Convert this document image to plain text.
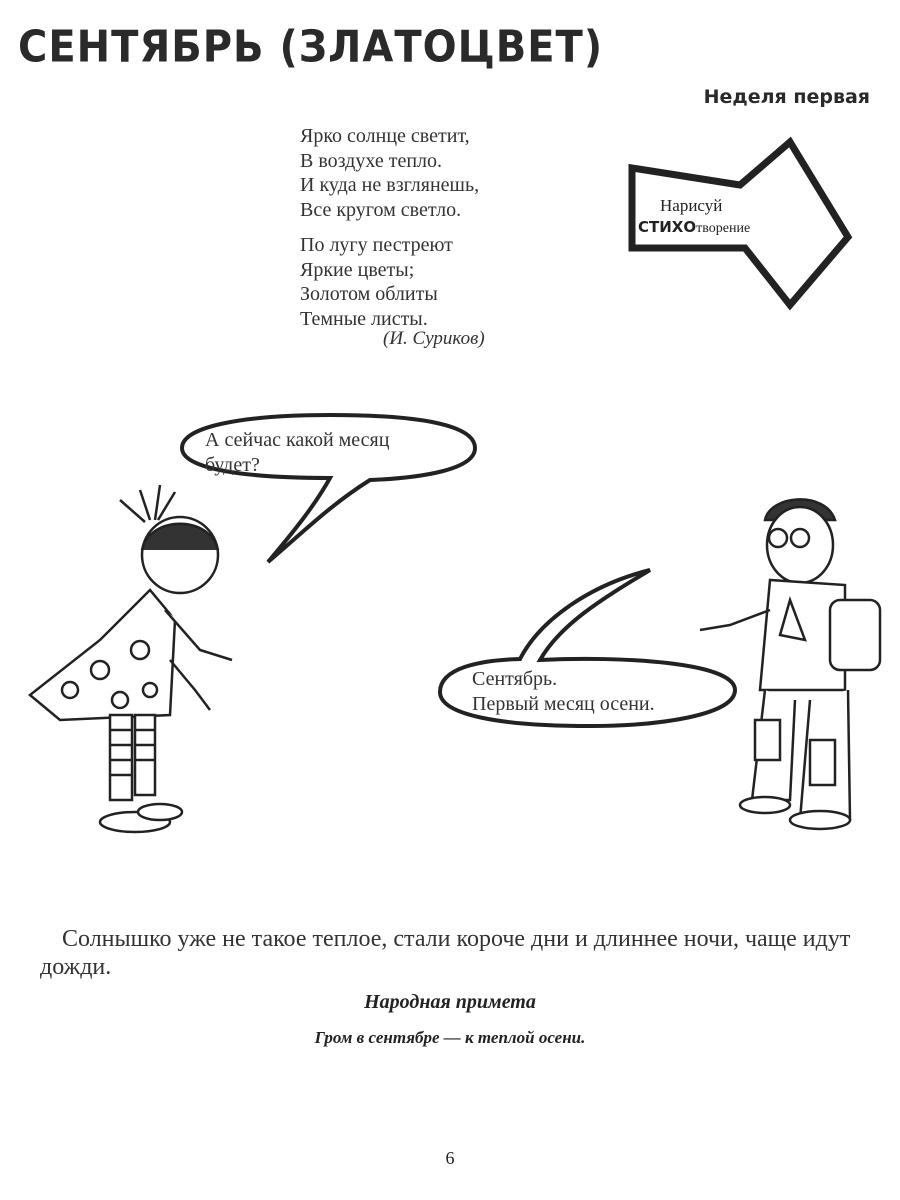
СЕНТЯБРЬ (ЗЛАТОЦВЕТ)
Неделя первая
Ярко солнце светит,
В воздухе тепло.
И куда не взглянешь,
Все кругом светло.
По лугу пестреют
Яркие цветы;
Золотом облиты
Темные листы.
(И. Суриков)
Нарисуй
СТИХОтворение
А сейчас какой месяц
будет?
Сентябрь.
Первый месяц осени.
Солнышко уже не такое теплое, стали короче дни и длиннее ночи, чаще идут дожди.
Народная примета
Гром в сентябре — к теплой осени.
6
